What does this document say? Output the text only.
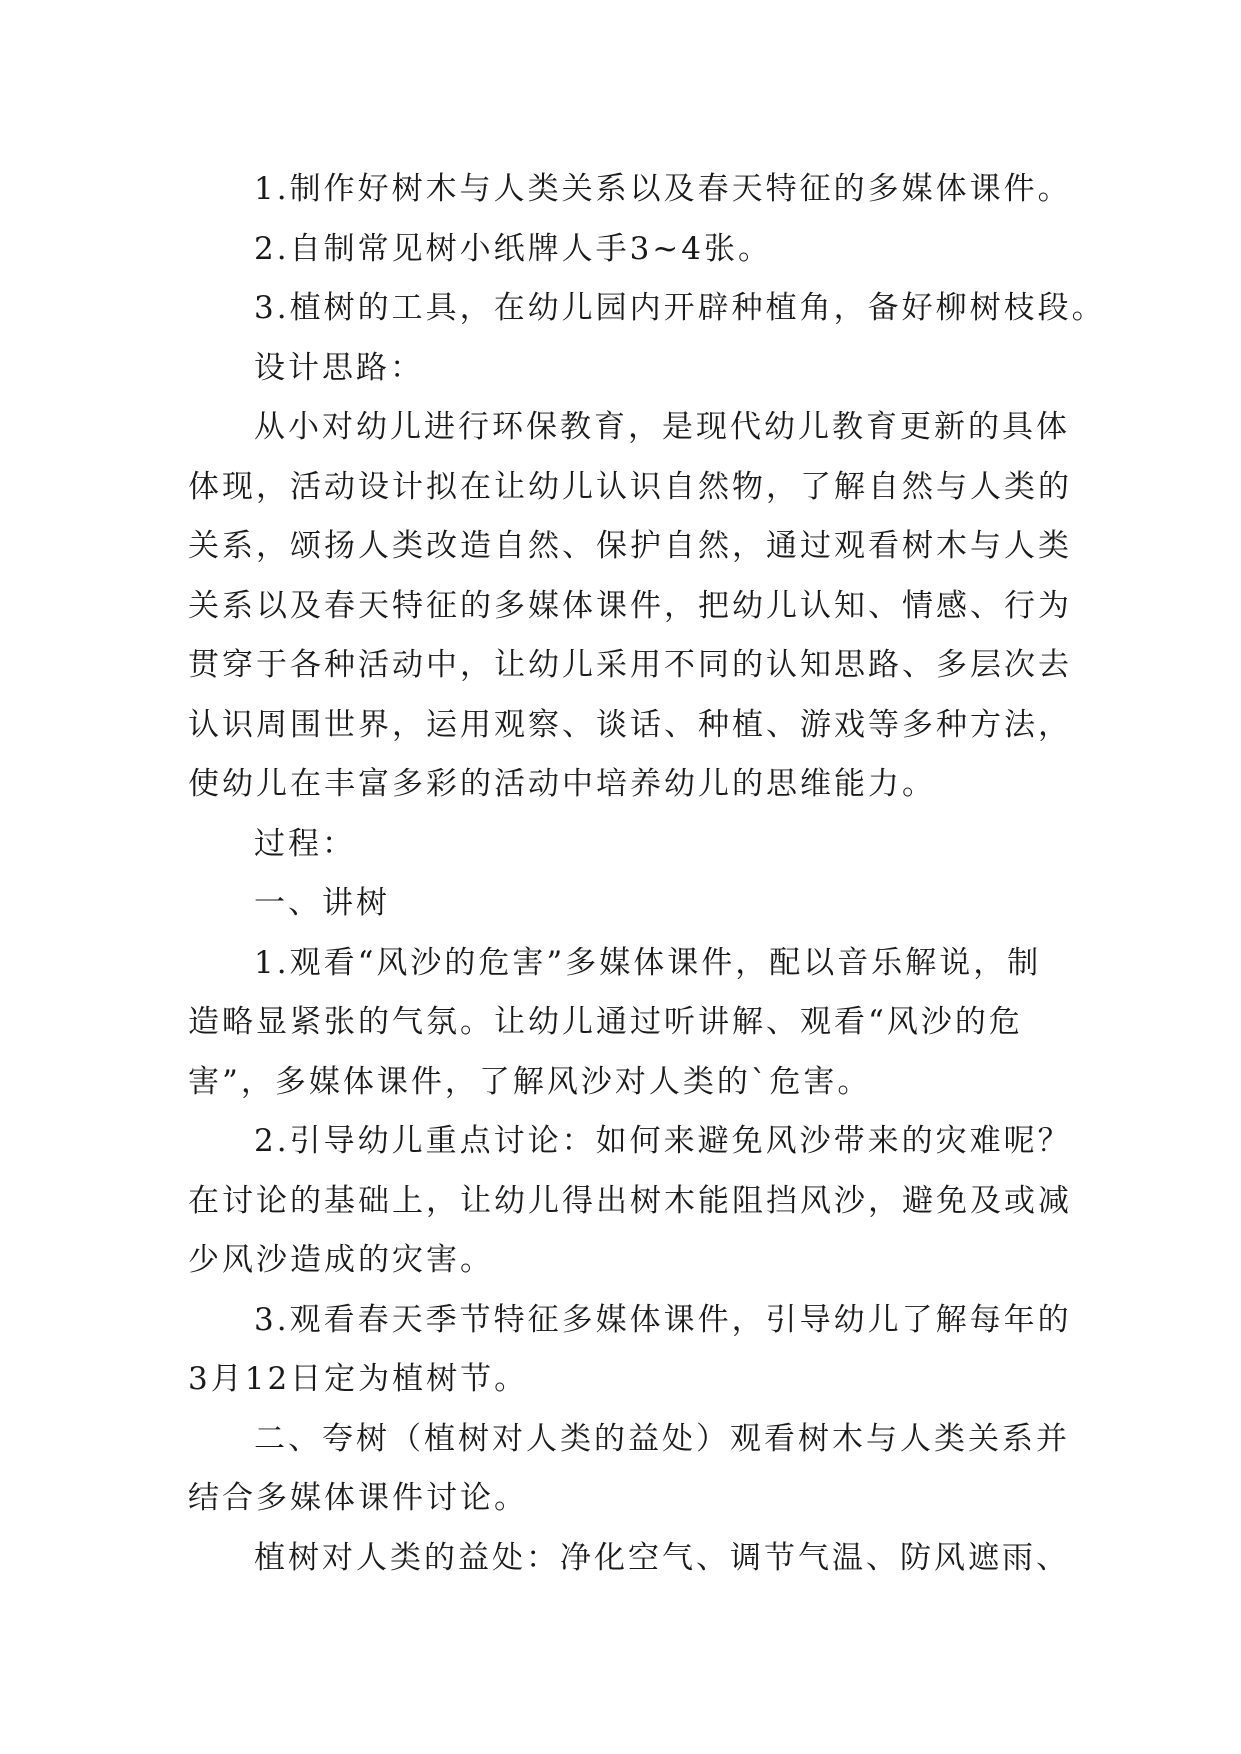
1.制作好树木与人类关系以及春天特征的多媒体课件。
2.自制常见树小纸牌人手3~4张。
3.植树的工具，在幼儿园内开辟种植角，备好柳树枝段。
设计思路：
从小对幼儿进行环保教育，是现代幼儿教育更新的具体
体现，活动设计拟在让幼儿认识自然物，了解自然与人类的
关系，颂扬人类改造自然、保护自然，通过观看树木与人类
关系以及春天特征的多媒体课件，把幼儿认知、情感、行为
贯穿于各种活动中，让幼儿采用不同的认知思路、多层次去
认识周围世界，运用观察、谈话、种植、游戏等多种方法，
使幼儿在丰富多彩的活动中培养幼儿的思维能力。
过程：
一、讲树
1.观看“风沙的危害”多媒体课件，配以音乐解说，制
造略显紧张的气氛。让幼儿通过听讲解、观看“风沙的危
害”，多媒体课件，了解风沙对人类的`危害。
2.引导幼儿重点讨论：如何来避免风沙带来的灾难呢？
在讨论的基础上，让幼儿得出树木能阻挡风沙，避免及或减
少风沙造成的灾害。
3.观看春天季节特征多媒体课件，引导幼儿了解每年的
3月12日定为植树节。
二、夸树（植树对人类的益处）观看树木与人类关系并
结合多媒体课件讨论。
植树对人类的益处：净化空气、调节气温、防风遮雨、
